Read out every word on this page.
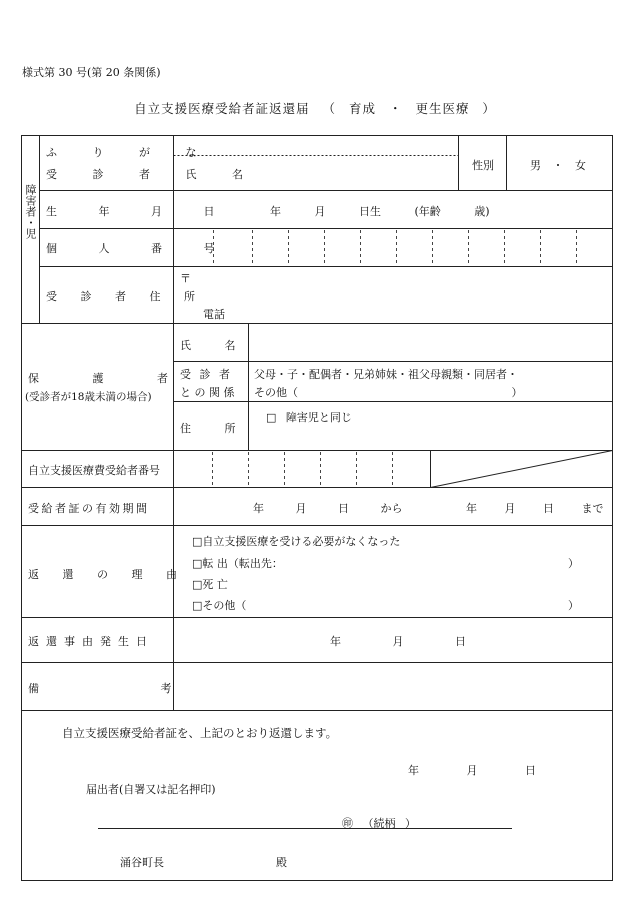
様式第 30 号(第 20 条関係)
自立支援医療受給者証返還届 （ 育成 ・ 更生医療 ）
障害者・児
ふ り が な
受 診 者 氏 名
性別	男 ・ 女
生 年 月 日	年 月 日生 (年齢 歳)
個 人 番 号
受 診 者 住 所
〒
電話
保 護 者
(受診者が18歳未満の場合)
氏 名
受 診 者
と の 関 係
父母・子・配偶者・兄弟姉妹・祖父母親類・同居者・
その他（ ）
住 所
□ 障害児と同じ
自立支援医療費受給者番号
受給者証の有効期間	年 月 日 から	年 月 日 まで
返 還 の 理 由
□自立支援医療を受ける必要がなくなった
□転 出（転出先：	）
□死 亡
□その他（	）
返還事由発生日	年 月 日
備 考
自立支援医療受給者証を、上記のとおり返還します。
年 月 日
届出者(自署又は記名押印)
㊞ （続柄 ）
涌谷町長	殿
